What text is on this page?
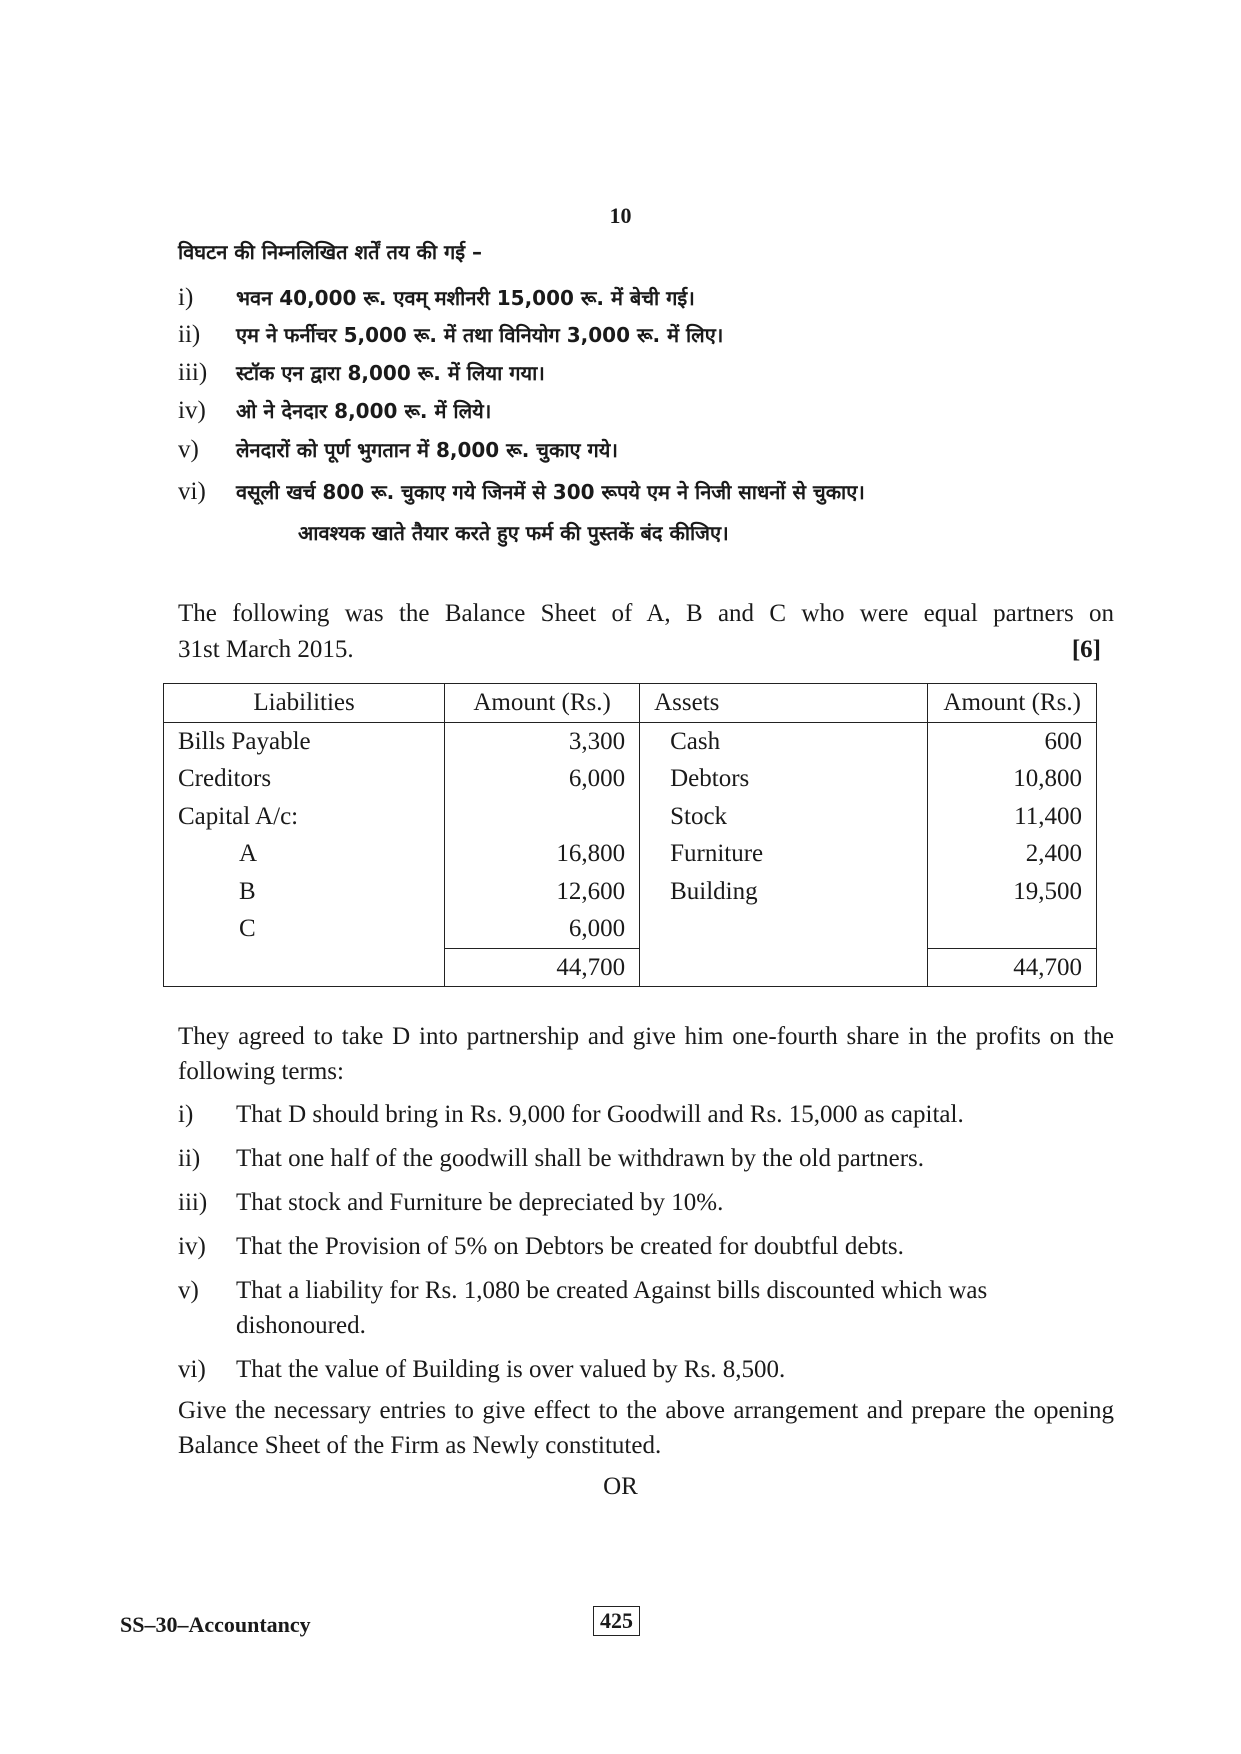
10
विघटन की निम्नलिखित शर्तें तय की गई –
i) भवन 40,000 रू. एवम् मशीनरी 15,000 रू. में बेची गई।
ii) एम ने फर्नीचर 5,000 रू. में तथा विनियोग 3,000 रू. में लिए।
iii) स्टॉक एन द्वारा 8,000 रू. में लिया गया।
iv) ओ ने देनदार 8,000 रू. में लिये।
v) लेनदारों को पूर्ण भुगतान में 8,000 रू. चुकाए गये।
vi) वसूली खर्च 800 रू. चुकाए गये जिनमें से 300 रूपये एम ने निजी साधनों से चुकाए।
आवश्यक खाते तैयार करते हुए फर्म की पुस्तकें बंद कीजिए।
The following was the Balance Sheet of A, B and C who were equal partners on
31st March 2015.	[6]
Liabilities	Amount (Rs.)	Assets	Amount (Rs.)
Bills Payable	3,300	Cash	600
Creditors	6,000	Debtors	10,800
Capital A/c:		Stock	11,400
A	16,800	Furniture	2,400
B	12,600	Building	19,500
C	6,000		
	44,700		44,700
They agreed to take D into partnership and give him one-fourth share in the profits on the following terms:
i) That D should bring in Rs. 9,000 for Goodwill and Rs. 15,000 as capital.
ii) That one half of the goodwill shall be withdrawn by the old partners.
iii) That stock and Furniture be depreciated by 10%.
iv) That the Provision of 5% on Debtors be created for doubtful debts.
v) That a liability for Rs. 1,080 be created Against bills discounted which was dishonoured.
vi) That the value of Building is over valued by Rs. 8,500.
Give the necessary entries to give effect to the above arrangement and prepare the opening Balance Sheet of the Firm as Newly constituted.
OR
SS–30–Accountancy	425
